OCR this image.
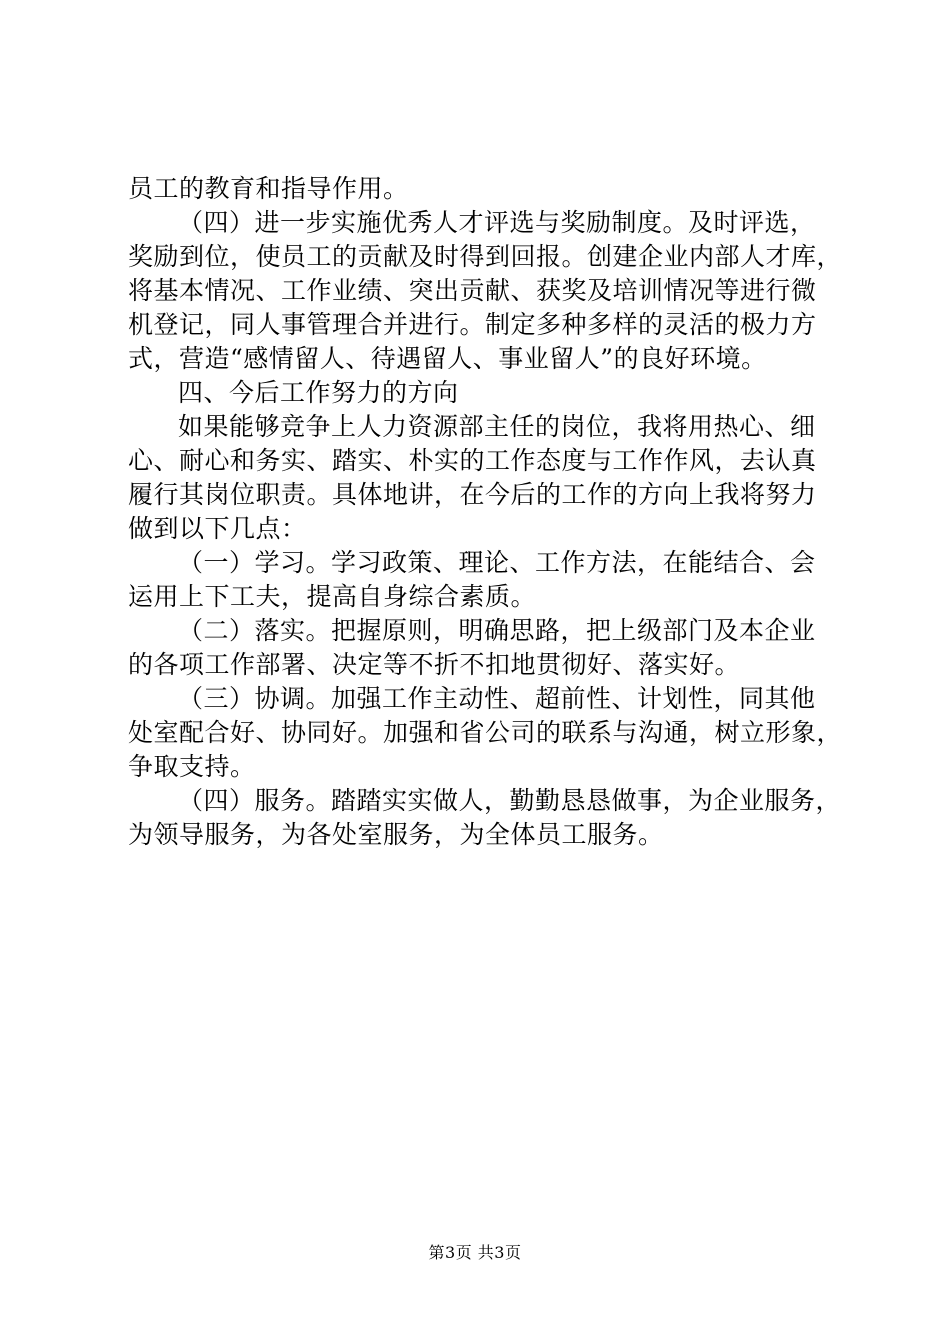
员工的教育和指导作用。
（四）进一步实施优秀人才评选与奖励制度。及时评选，
奖励到位，使员工的贡献及时得到回报。创建企业内部人才库，
将基本情况、工作业绩、突出贡献、获奖及培训情况等进行微
机登记，同人事管理合并进行。制定多种多样的灵活的极力方
式，营造“感情留人、待遇留人、事业留人”的良好环境。
四、今后工作努力的方向
如果能够竞争上人力资源部主任的岗位，我将用热心、细
心、耐心和务实、踏实、朴实的工作态度与工作作风，去认真
履行其岗位职责。具体地讲，在今后的工作的方向上我将努力
做到以下几点：
（一）学习。学习政策、理论、工作方法，在能结合、会
运用上下工夫，提高自身综合素质。
（二）落实。把握原则，明确思路，把上级部门及本企业
的各项工作部署、决定等不折不扣地贯彻好、落实好。
（三）协调。加强工作主动性、超前性、计划性，同其他
处室配合好、协同好。加强和省公司的联系与沟通，树立形象，
争取支持。
（四）服务。踏踏实实做人，勤勤恳恳做事，为企业服务，
为领导服务，为各处室服务，为全体员工服务。
第3页 共3页
